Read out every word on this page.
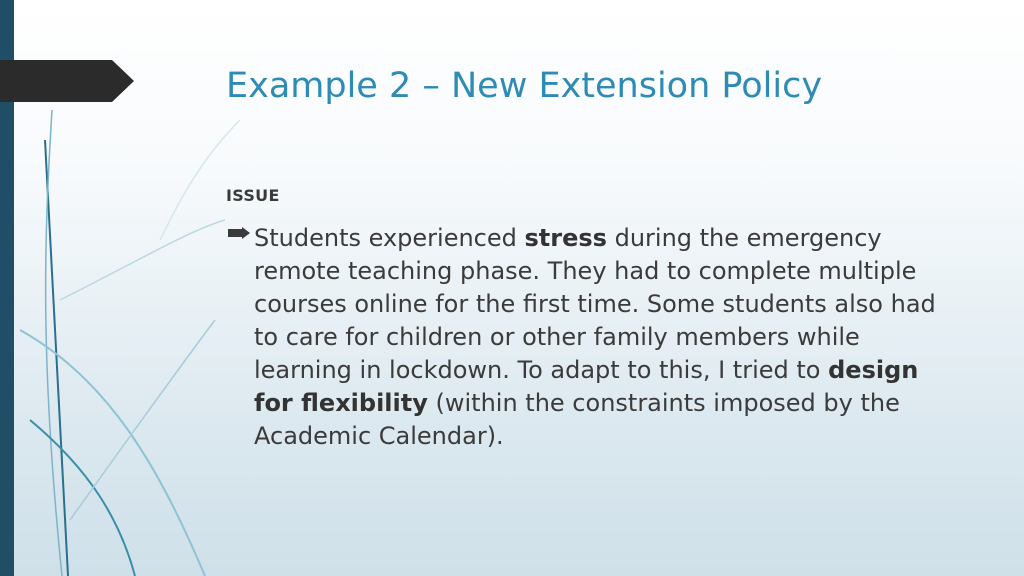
Example 2 – New Extension Policy
ISSUE

Students experienced stress during the emergency remote teaching phase. They had to complete multiple courses online for the first time. Some students also had to care for children or other family members while learning in lockdown. To adapt to this, I tried to design for flexibility (within the constraints imposed by the Academic Calendar).
